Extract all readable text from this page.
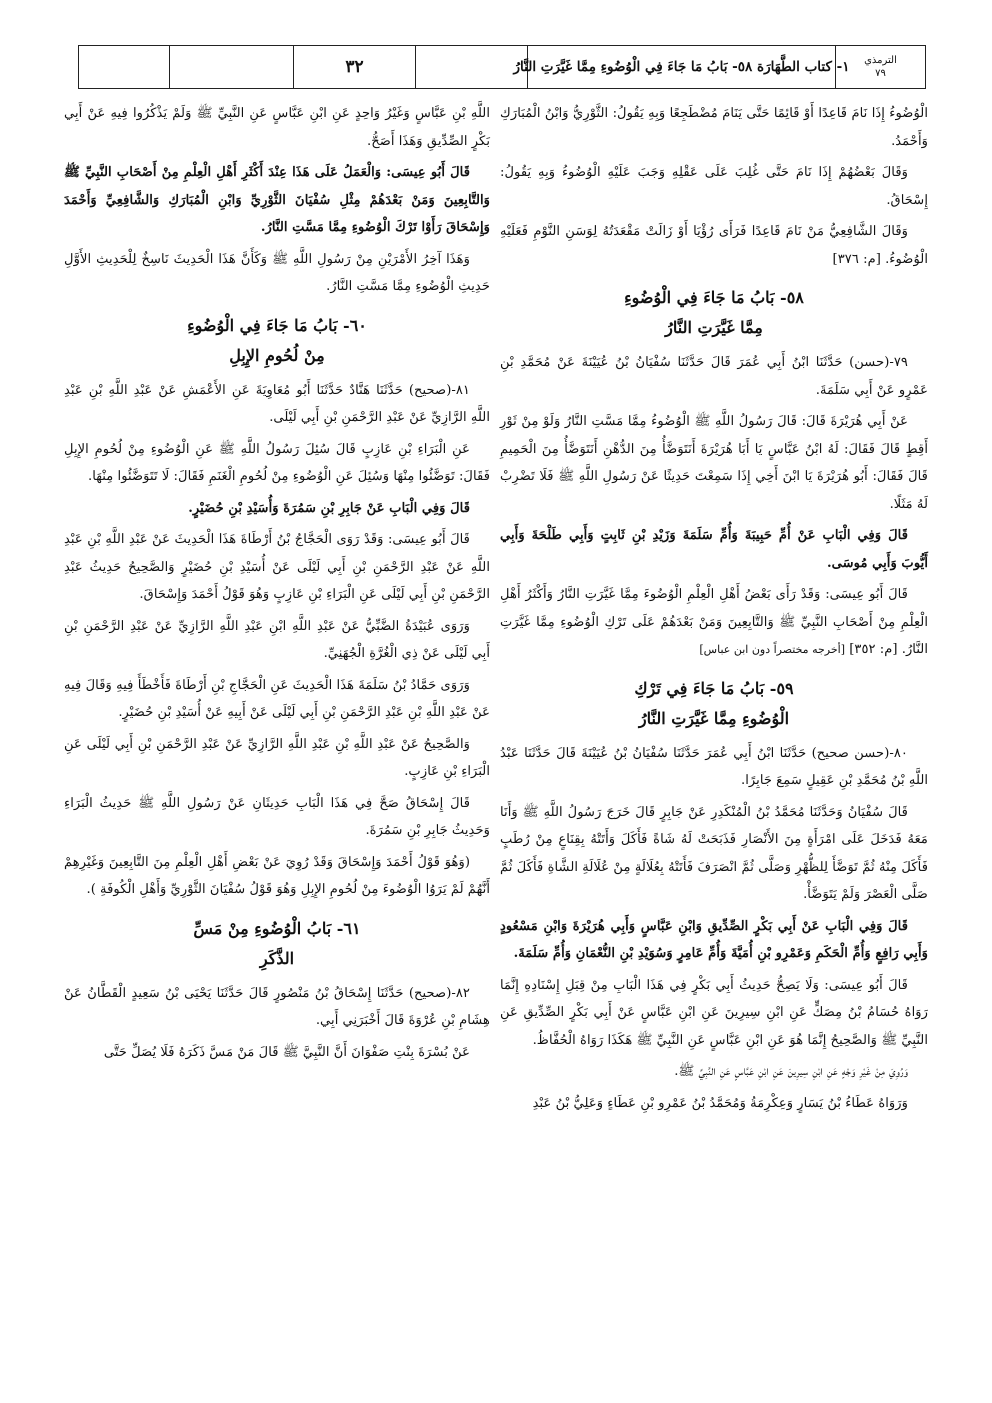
الترمذي
٧٩
١- كتاب الطَّهَارَة ٥٨- بَابُ مَا جَاءَ فِي الْوُضُوءِ مِمَّا غَيَّرَتِ النَّارُ
٣٢

الْوُضُوءُ إِذَا نَامَ قَاعِدًا أَوْ قَائِمًا حَتَّى يَنَامَ مُضْطَجِعًا وَبِهِ يَقُولُ: الثَّوْرِيُّ وَابْنُ الْمُبَارَكِ وَأَحْمَدُ.

وَقَالَ بَعْضُهُمْ إِذَا نَامَ حَتَّى غُلِبَ عَلَى عَقْلِهِ وَجَبَ عَلَيْهِ الْوُضُوءُ وَبِهِ يَقُولُ: إِسْحَاقُ.

وَقَالَ الشَّافِعِيُّ مَنْ نَامَ قَاعِدًا فَرَأَى رُؤْيَا أَوْ زَالَتْ مَقْعَدَتُهُ لِوَسَنِ النَّوْمِ فَعَلَيْهِ الْوُضُوءُ. [م: ٣٧٦]

٥٨- بَابُ مَا جَاءَ فِي الْوُضُوءِ
مِمَّا غَيَّرَتِ النَّارُ

٧٩-(حسن) حَدَّثَنَا ابْنُ أَبِي عُمَرَ قَالَ حَدَّثَنَا سُفْيَانُ بْنُ عُيَيْنَةَ عَنْ مُحَمَّدِ بْنِ عَمْرٍو عَنْ أَبِي سَلَمَةَ.

عَنْ أَبِي هُرَيْرَةَ قَالَ: قَالَ رَسُولُ اللَّهِ ﷺ الْوُضُوءُ مِمَّا مَسَّتِ النَّارُ وَلَوْ مِنْ ثَوْرِ أَقِطٍ قَالَ فَقَالَ: لَهُ ابْنُ عَبَّاسٍ يَا أَبَا هُرَيْرَةَ أَنَتَوَضَّأُ مِنَ الدُّهْنِ أَنَتَوَضَّأُ مِنَ الْحَمِيمِ قَالَ فَقَالَ: أَبُو هُرَيْرَةَ يَا ابْنَ أَخِي إِذَا سَمِعْتَ حَدِيثًا عَنْ رَسُولِ اللَّهِ ﷺ فَلَا تَضْرِبْ لَهُ مَثَلًا.

قَالَ وَفِي الْبَابِ عَنْ أُمِّ حَبِيبَةَ وَأُمِّ سَلَمَةَ وَزَيْدِ بْنِ ثَابِتٍ وَأَبِي طَلْحَةَ وَأَبِي أَيُّوبَ وَأَبِي مُوسَى.

قَالَ أَبُو عِيسَى: وَقَدْ رَأَى بَعْضُ أَهْلِ الْعِلْمِ الْوُضُوءَ مِمَّا غَيَّرَتِ النَّارُ وَأَكْثَرُ أَهْلِ الْعِلْمِ مِنْ أَصْحَابِ النَّبِيِّ ﷺ وَالتَّابِعِينَ وَمَنْ بَعْدَهُمْ عَلَى تَرْكِ الْوُضُوءِ مِمَّا غَيَّرَتِ النَّارُ. [م: ٣٥٢] [أخرجه مختصراً دون ابن عباس]

٥٩- بَابُ مَا جَاءَ فِي تَرْكِ
الْوُضُوءِ مِمَّا غَيَّرَتِ النَّارُ

٨٠-(حسن صحيح) حَدَّثَنَا ابْنُ أَبِي عُمَرَ حَدَّثَنَا سُفْيَانُ بْنُ عُيَيْنَةَ قَالَ حَدَّثَنَا عَبْدُ اللَّهِ بْنُ مُحَمَّدِ بْنِ عَقِيلٍ سَمِعَ جَابِرًا.

قَالَ سُفْيَانُ وَحَدَّثَنَا مُحَمَّدُ بْنُ الْمُنْكَدِرِ عَنْ جَابِرٍ قَالَ خَرَجَ رَسُولُ اللَّهِ ﷺ وَأَنَا مَعَهُ فَدَخَلَ عَلَى امْرَأَةٍ مِنَ الأَنْصَارِ فَذَبَحَتْ لَهُ شَاةً فَأَكَلَ وَأَتَتْهُ بِقِنَاعٍ مِنْ رُطَبٍ فَأَكَلَ مِنْهُ ثُمَّ تَوَضَّأَ لِلظُّهْرِ وَصَلَّى ثُمَّ انْصَرَفَ فَأَتَتْهُ بِعُلَالَةٍ مِنْ عُلَالَةِ الشَّاةِ فَأَكَلَ ثُمَّ صَلَّى الْعَصْرَ وَلَمْ يَتَوَضَّأْ.

قَالَ وَفِي الْبَابِ عَنْ أَبِي بَكْرٍ الصِّدِّيقِ وَابْنِ عَبَّاسٍ وَأَبِي هُرَيْرَةَ وَابْنِ مَسْعُودٍ وَأَبِي رَافِعٍ وَأُمِّ الْحَكَمِ وَعَمْرِو بْنِ أُمَيَّةَ وَأُمِّ عَامِرٍ وَسُوَيْدِ بْنِ النُّعْمَانِ وَأُمِّ سَلَمَةَ.

قَالَ أَبُو عِيسَى: وَلَا يَصِحُّ حَدِيثُ أَبِي بَكْرٍ فِي هَذَا الْبَابِ مِنْ قِبَلِ إِسْنَادِهِ إِنَّمَا رَوَاهُ حُسَامُ بْنُ مِصَكٍّ عَنِ ابْنِ سِيرِينَ عَنِ ابْنِ عَبَّاسٍ عَنْ أَبِي بَكْرٍ الصِّدِّيقِ عَنِ النَّبِيِّ ﷺ وَالصَّحِيحُ إِنَّمَا هُوَ عَنِ ابْنِ عَبَّاسٍ عَنِ النَّبِيِّ ﷺ هَكَذَا رَوَاهُ الْحُفَّاظُ.

وَرُوِيَ مِنْ غَيْرِ وَجْهٍ عَنِ ابْنِ سِيرِينَ عَنِ ابْنِ عَبَّاسٍ عَنِ النَّبِيِّ ﷺ.

وَرَوَاهُ عَطَاءُ بْنُ يَسَارٍ وَعِكْرِمَةُ وَمُحَمَّدُ بْنُ عَمْرِو بْنِ عَطَاءٍ وَعَلِيُّ بْنُ عَبْدِ

اللَّهِ بْنِ عَبَّاسٍ وَغَيْرُ وَاحِدٍ عَنِ ابْنِ عَبَّاسٍ عَنِ النَّبِيِّ ﷺ وَلَمْ يَذْكُرُوا فِيهِ عَنْ أَبِي بَكْرٍ الصِّدِّيقِ وَهَذَا أَصَحُّ.

قَالَ أَبُو عِيسَى: وَالْعَمَلُ عَلَى هَذَا عِنْدَ أَكْثَرِ أَهْلِ الْعِلْمِ مِنْ أَصْحَابِ النَّبِيِّ ﷺ وَالتَّابِعِينَ وَمَنْ بَعْدَهُمْ مِثْلِ سُفْيَانَ الثَّوْرِيِّ وَابْنِ الْمُبَارَكِ وَالشَّافِعِيِّ وَأَحْمَدَ وَإِسْحَاقَ رَأَوْا تَرْكَ الْوُضُوءِ مِمَّا مَسَّتِ النَّارُ.

وَهَذَا آخِرُ الأَمْرَيْنِ مِنْ رَسُولِ اللَّهِ ﷺ وَكَأَنَّ هَذَا الْحَدِيثَ نَاسِخٌ لِلْحَدِيثِ الأَوَّلِ حَدِيثِ الْوُضُوءِ مِمَّا مَسَّتِ النَّارُ.

٦٠- بَابُ مَا جَاءَ فِي الْوُضُوءِ
مِنْ لُحُومِ الإِبِلِ

٨١-(صحيح) حَدَّثَنَا هَنَّادٌ حَدَّثَنَا أَبُو مُعَاوِيَةَ عَنِ الأَعْمَشِ عَنْ عَبْدِ اللَّهِ بْنِ عَبْدِ اللَّهِ الرَّازِيِّ عَنْ عَبْدِ الرَّحْمَنِ بْنِ أَبِي لَيْلَى.

عَنِ الْبَرَاءِ بْنِ عَازِبٍ قَالَ سُئِلَ رَسُولُ اللَّهِ ﷺ عَنِ الْوُضُوءِ مِنْ لُحُومِ الإِبِلِ فَقَالَ: تَوَضَّئُوا مِنْهَا وَسُئِلَ عَنِ الْوُضُوءِ مِنْ لُحُومِ الْغَنَمِ فَقَالَ: لَا تَتَوَضَّئُوا مِنْهَا.

قَالَ وَفِي الْبَابِ عَنْ جَابِرِ بْنِ سَمُرَةَ وَأُسَيْدِ بْنِ حُضَيْرٍ.

قَالَ أَبُو عِيسَى: وَقَدْ رَوَى الْحَجَّاجُ بْنُ أَرْطَاةَ هَذَا الْحَدِيثَ عَنْ عَبْدِ اللَّهِ بْنِ عَبْدِ اللَّهِ عَنْ عَبْدِ الرَّحْمَنِ بْنِ أَبِي لَيْلَى عَنْ أُسَيْدِ بْنِ حُضَيْرٍ وَالصَّحِيحُ حَدِيثُ عَبْدِ الرَّحْمَنِ بْنِ أَبِي لَيْلَى عَنِ الْبَرَاءِ بْنِ عَازِبٍ وَهُوَ قَوْلُ أَحْمَدَ وَإِسْحَاقَ.

وَرَوَى عُبَيْدَةُ الضَّبِّيُّ عَنْ عَبْدِ اللَّهِ ابْنِ عَبْدِ اللَّهِ الرَّازِيِّ عَنْ عَبْدِ الرَّحْمَنِ بْنِ أَبِي لَيْلَى عَنْ ذِي الْغُرَّةِ الْجُهَنِيِّ.

وَرَوَى حَمَّادُ بْنُ سَلَمَةَ هَذَا الْحَدِيثَ عَنِ الْحَجَّاجِ بْنِ أَرْطَاةَ فَأَخْطَأَ فِيهِ وَقَالَ فِيهِ عَنْ عَبْدِ اللَّهِ بْنِ عَبْدِ الرَّحْمَنِ بْنِ أَبِي لَيْلَى عَنْ أَبِيهِ عَنْ أُسَيْدِ بْنِ حُضَيْرٍ.

وَالصَّحِيحُ عَنْ عَبْدِ اللَّهِ بْنِ عَبْدِ اللَّهِ الرَّازِيِّ عَنْ عَبْدِ الرَّحْمَنِ بْنِ أَبِي لَيْلَى عَنِ الْبَرَاءِ بْنِ عَازِبٍ.

قَالَ إِسْحَاقُ صَحَّ فِي هَذَا الْبَابِ حَدِيثَانِ عَنْ رَسُولِ اللَّهِ ﷺ حَدِيثُ الْبَرَاءِ وَحَدِيثُ جَابِرِ بْنِ سَمُرَةَ.

(وَهُوَ قَوْلُ أَحْمَدَ وَإِسْحَاقَ وَقَدْ رُوِيَ عَنْ بَعْضِ أَهْلِ الْعِلْمِ مِنَ التَّابِعِينَ وَغَيْرِهِمْ أَنَّهُمْ لَمْ يَرَوُا الْوُضُوءَ مِنْ لُحُومِ الإِبِلِ وَهُوَ قَوْلُ سُفْيَانَ الثَّوْرِيِّ وَأَهْلِ الْكُوفَةِ ).

٦١- بَابُ الْوُضُوءِ مِنْ مَسِّ
الذَّكَرِ

٨٢-(صحيح) حَدَّثَنَا إِسْحَاقُ بْنُ مَنْصُورٍ قَالَ حَدَّثَنَا يَحْيَى بْنُ سَعِيدٍ الْقَطَّانُ عَنْ هِشَامِ بْنِ عُرْوَةَ قَالَ أَخْبَرَنِي أَبِي.

عَنْ بُسْرَةَ بِنْتِ صَفْوَانَ أَنَّ النَّبِيَّ ﷺ قَالَ مَنْ مَسَّ ذَكَرَهُ فَلَا يُصَلِّ حَتَّى
